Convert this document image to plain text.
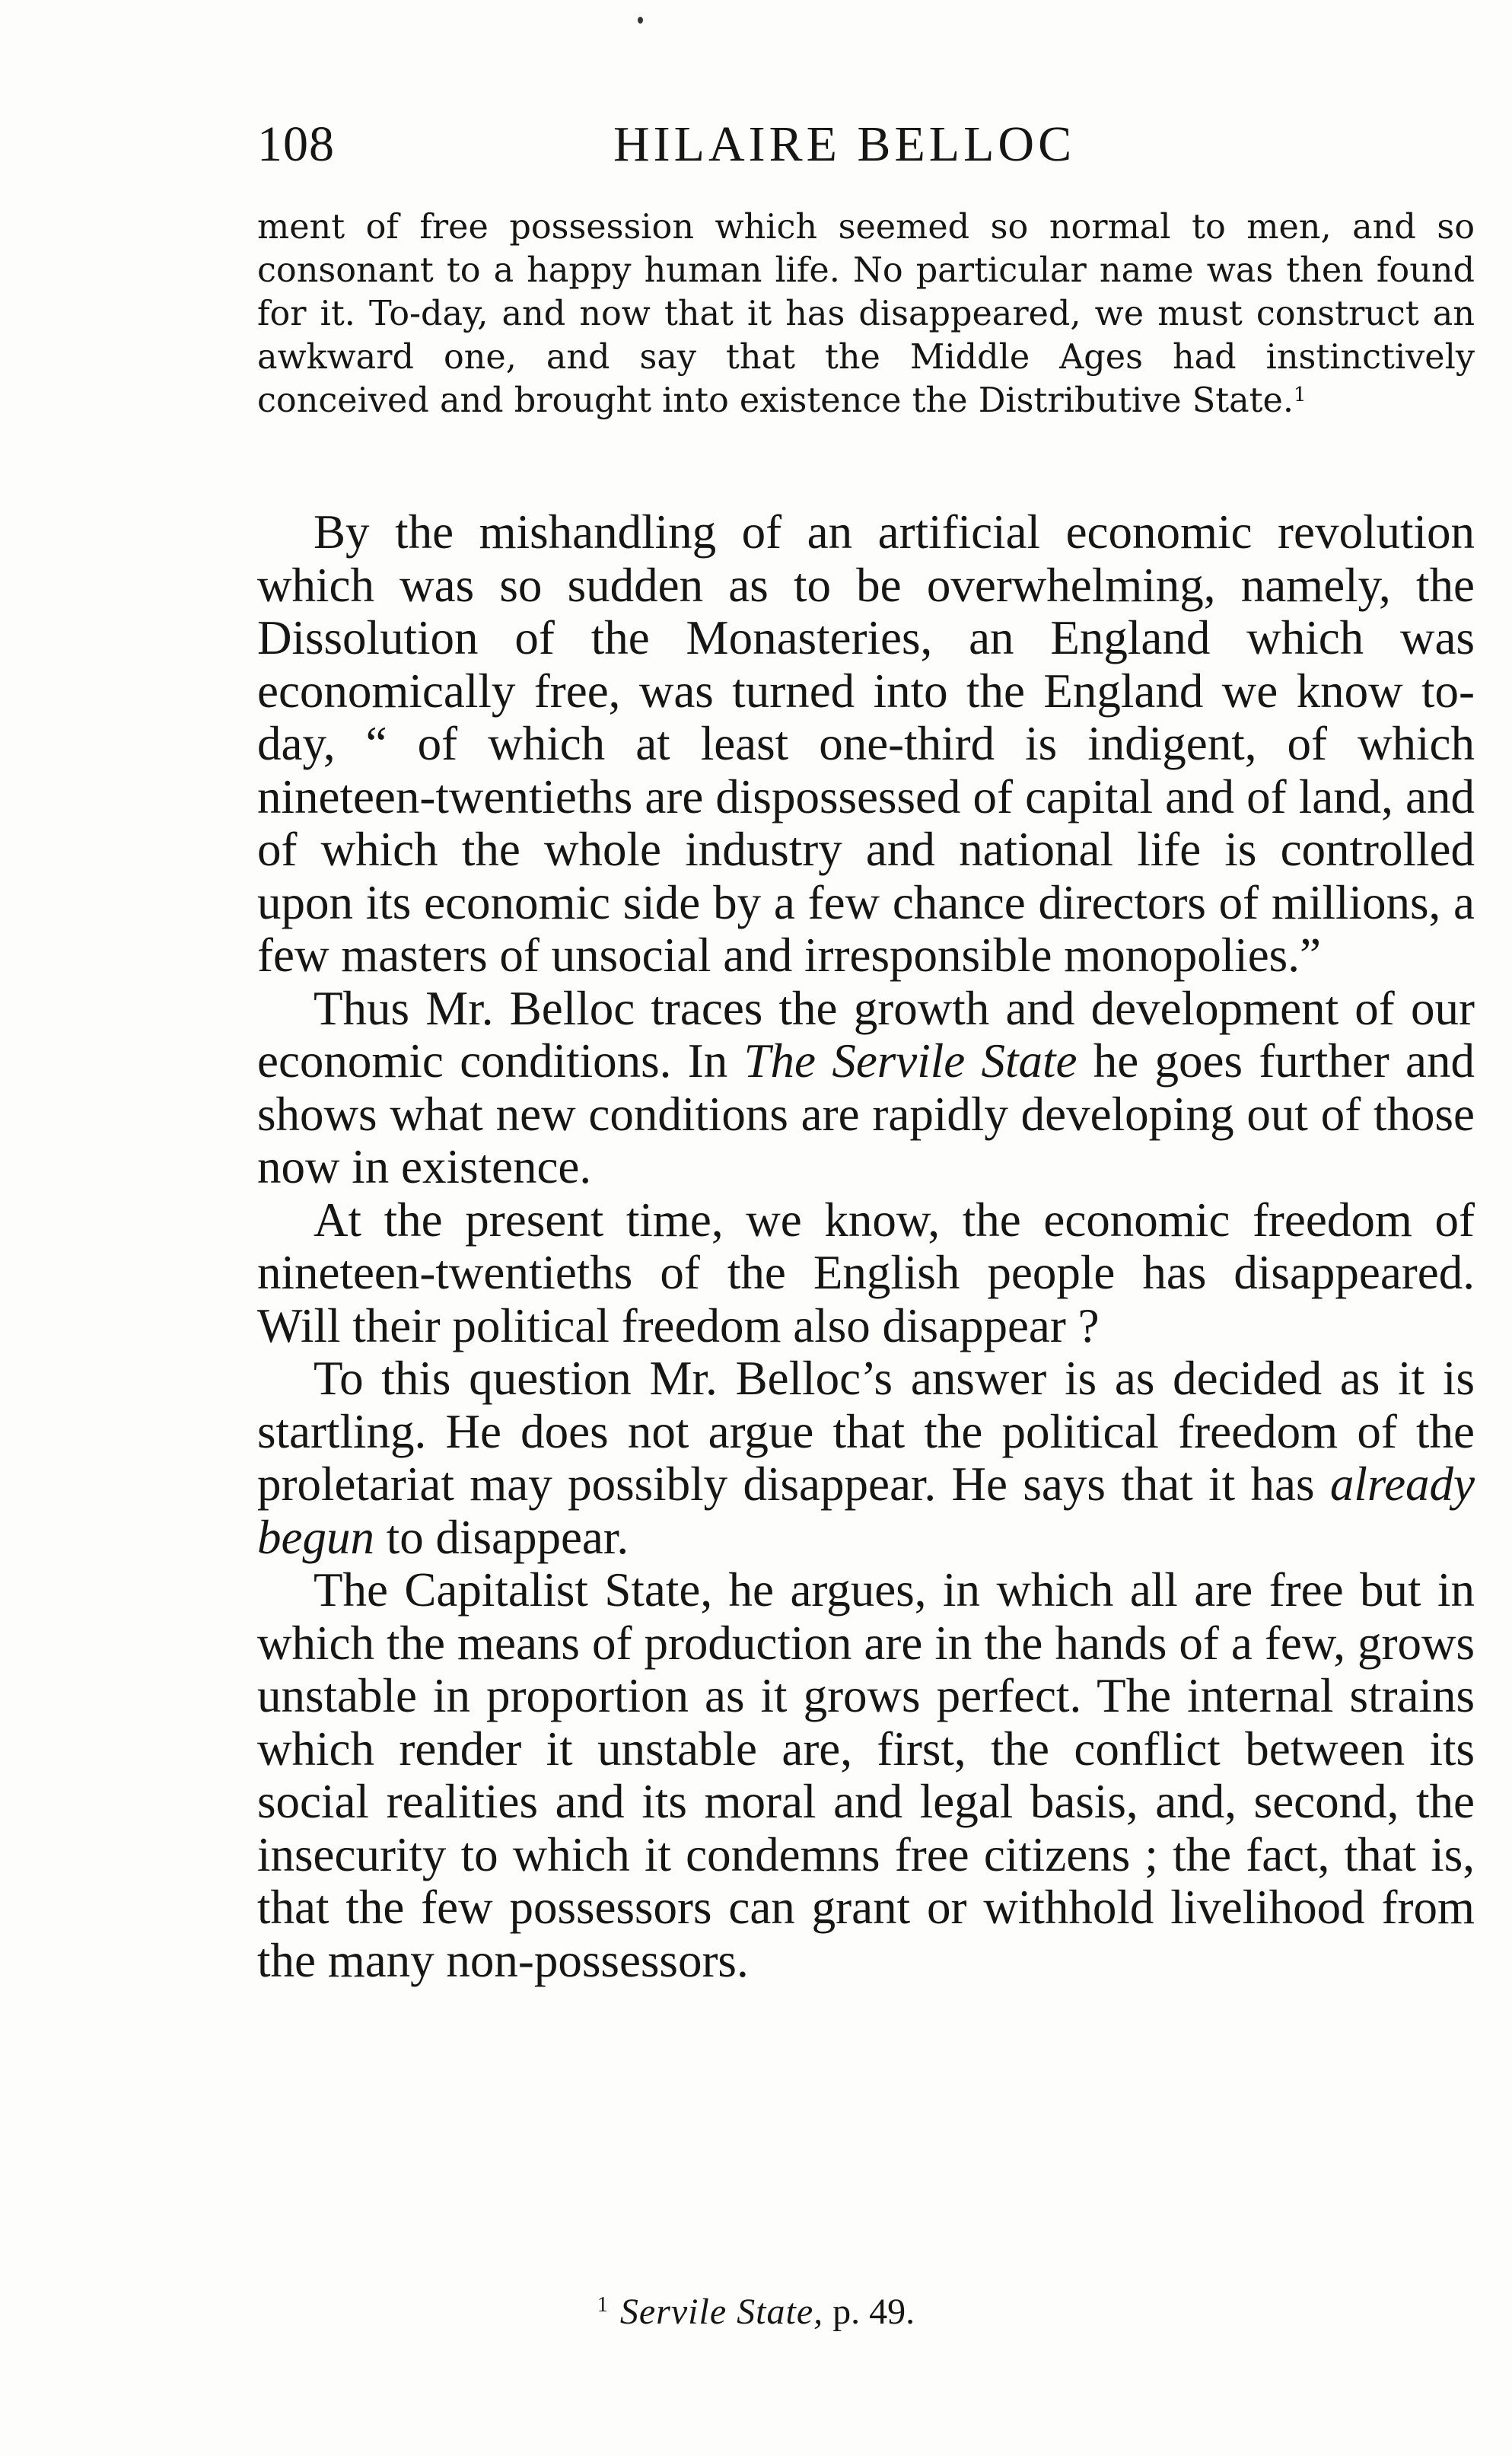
108	HILAIRE BELLOC

ment of free possession which seemed so normal to men, and so consonant to a happy human life. No particular name was then found for it. To-day, and now that it has disappeared, we must construct an awkward one, and say that the Middle Ages had instinctively conceived and brought into existence the Distributive State.$^1$

By the mishandling of an artificial economic revolution which was so sudden as to be overwhelming, namely, the Dissolution of the Monasteries, an England which was economically free, was turned into the England we know to-day, “ of which at least one-third is indigent, of which nineteen-twentieths are dispossessed of capital and of land, and of which the whole industry and national life is controlled upon its economic side by a few chance directors of millions, a few masters of unsocial and irresponsible monopolies.”

Thus Mr. Belloc traces the growth and development of our economic conditions. In The Servile State he goes further and shows what new conditions are rapidly developing out of those now in existence.

At the present time, we know, the economic freedom of nineteen-twentieths of the English people has disappeared. Will their political freedom also disappear ?

To this question Mr. Belloc’s answer is as decided as it is startling. He does not argue that the political freedom of the proletariat may possibly disappear. He says that it has already begun to disappear.

The Capitalist State, he argues, in which all are free but in which the means of production are in the hands of a few, grows unstable in proportion as it grows perfect. The internal strains which render it unstable are, first, the conflict between its social realities and its moral and legal basis, and, second, the insecurity to which it condemns free citizens ; the fact, that is, that the few possessors can grant or withhold livelihood from the many non-possessors.

$^1$ Servile State, p. 49.
